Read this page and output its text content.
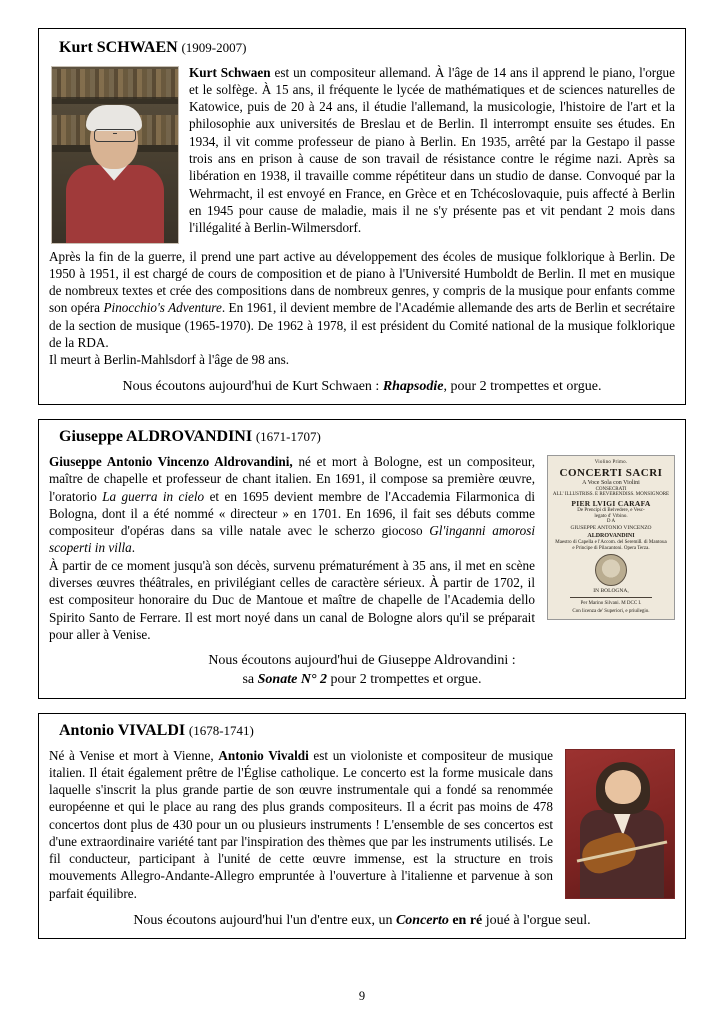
Kurt SCHWAEN (1909-2007)
Kurt Schwaen est un compositeur allemand. À l'âge de 14 ans il apprend le piano, l'orgue et le solfège. À 15 ans, il fréquente le lycée de mathématiques et de sciences naturelles de Katowice, puis de 20 à 24 ans, il étudie l'allemand, la musicologie, l'histoire de l'art et la philosophie aux universités de Breslau et de Berlin. Il interrompt ensuite ses études. En 1934, il vit comme professeur de piano à Berlin. En 1935, arrêté par la Gestapo il passe trois ans en prison à cause de son travail de résistance contre le régime nazi. Après sa libération en 1938, il travaille comme répétiteur dans un studio de danse. Convoqué par la Wehrmacht, il est envoyé en France, en Grèce et en Tchécoslovaquie, puis affecté à Berlin en 1945 pour cause de maladie, mais il ne s'y présente pas et vit pendant 2 mois dans l'illégalité à Berlin-Wilmersdorf.
Après la fin de la guerre, il prend une part active au développement des écoles de musique folklorique à Berlin. De 1950 à 1951, il est chargé de cours de composition et de piano à l'Université Humboldt de Berlin. Il met en musique de nombreux textes et crée des compositions dans de nombreux genres, y compris de la musique pour enfants comme son opéra Pinocchio's Adventure. En 1961, il devient membre de l'Académie allemande des arts de Berlin et secrétaire de la section de musique (1965-1970). De 1962 à 1978, il est président du Comité national de la musique folklorique de la RDA.
Il meurt à Berlin-Mahlsdorf à l'âge de 98 ans.
Nous écoutons aujourd'hui de Kurt Schwaen : Rhapsodie, pour 2 trompettes et orgue.
Giuseppe ALDROVANDINI (1671-1707)
Violino Primo.
CONCERTI SACRI
A Voce Sola con Violini
CONSECRATI
ALL' ILLUSTRISS. E REVERENDISS. MONSIGNORE
PIER LVIGI CARAFA
De Prencipi di Belvedere, e Vesc-
legato d' Vrbino.
D A
GIUSEPPE ANTONIO VINCENZO
ALDROVANDINI
Maestro di Capella e l'Accom. del Seremiß. di Mantoua
e Principe di Pilacantoni. Opera Terza.
IN BOLOGNA,
Per Marino Silvani. M DCC I.
Con licenza de' Superiori, e priuilegio.
Giuseppe Antonio Vincenzo Aldrovandini, né et mort à Bologne, est un compositeur, maître de chapelle et professeur de chant italien. En 1691, il compose sa première œuvre, l'oratorio La guerra in cielo et en 1695 devient membre de l'Accademia Filarmonica di Bologna, dont il a été nommé « directeur » en 1701. En 1696, il fait ses débuts comme compositeur d'opéras dans sa ville natale avec le scherzo giocoso Gl'inganni amorosi scoperti in villa.
À partir de ce moment jusqu'à son décès, survenu prématurément à 35 ans, il met en scène diverses œuvres théâtrales, en privilégiant celles de caractère sérieux. À partir de 1702, il est compositeur honoraire du Duc de Mantoue et maître de chapelle de l'Academia dello Spirito Santo de Ferrare. Il est mort noyé dans un canal de Bologne alors qu'il se préparait pour aller à Venise.
Nous écoutons aujourd'hui de Giuseppe Aldrovandini :
sa Sonate N° 2 pour 2 trompettes et orgue.
Antonio VIVALDI (1678-1741)
Né à Venise et mort à Vienne, Antonio Vivaldi est un violoniste et compositeur de musique italien. Il était également prêtre de l'Église catholique. Le concerto est la forme musicale dans laquelle s'inscrit la plus grande partie de son œuvre instrumentale qui a fondé sa renommée européenne et qui le place au rang des plus grands compositeurs. Il a écrit pas moins de 478 concertos dont plus de 430 pour un ou plusieurs instruments ! L'ensemble de ses concertos est d'une extraordinaire variété tant par l'inspiration des thèmes que par les instruments utilisés. Le fil conducteur, participant à l'unité de cette œuvre immense, est la structure en trois mouvements Allegro-Andante-Allegro empruntée à l'ouverture à l'italienne et parvenue à son parfait équilibre.
Nous écoutons aujourd'hui l'un d'entre eux, un Concerto en ré joué à l'orgue seul.
9
